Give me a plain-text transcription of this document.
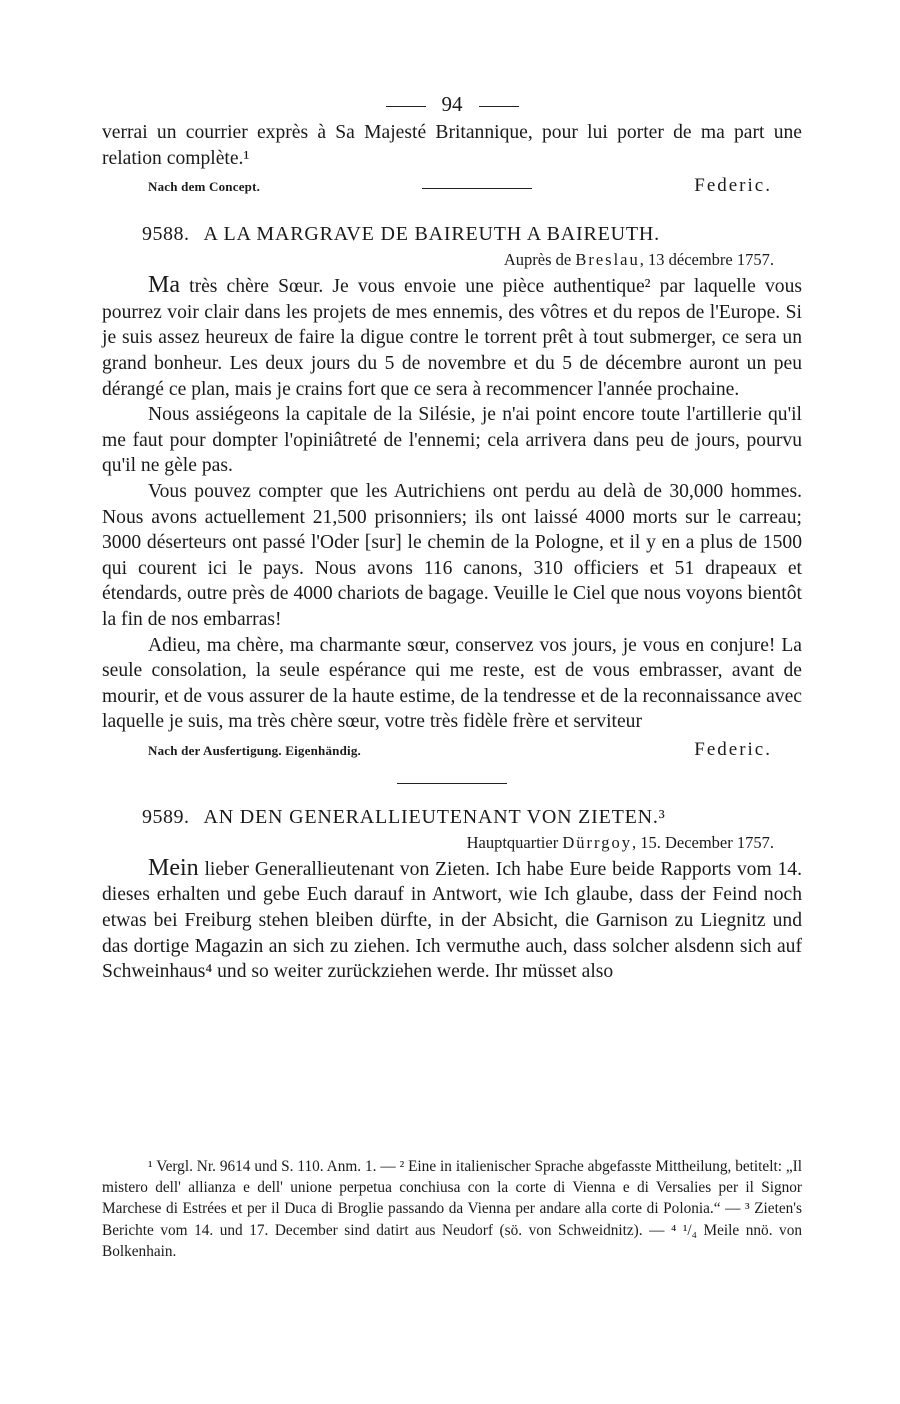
94

verrai un courrier exprès à Sa Majesté Britannique, pour lui porter de ma part une relation complète.¹

Nach dem Concept.	Federic.
9588. A LA MARGRAVE DE BAIREUTH A BAIREUTH.
Auprès de Breslau, 13 décembre 1757.

Ma très chère Sœur. Je vous envoie une pièce authentique² par laquelle vous pourrez voir clair dans les projets de mes ennemis, des vôtres et du repos de l'Europe. Si je suis assez heureux de faire la digue contre le torrent prêt à tout submerger, ce sera un grand bonheur. Les deux jours du 5 de novembre et du 5 de décembre auront un peu dérangé ce plan, mais je crains fort que ce sera à recommencer l'année prochaine.

Nous assiégeons la capitale de la Silésie, je n'ai point encore toute l'artillerie qu'il me faut pour dompter l'opiniâtreté de l'ennemi; cela arrivera dans peu de jours, pourvu qu'il ne gèle pas.

Vous pouvez compter que les Autrichiens ont perdu au delà de 30,000 hommes. Nous avons actuellement 21,500 prisonniers; ils ont laissé 4000 morts sur le carreau; 3000 déserteurs ont passé l'Oder [sur] le chemin de la Pologne, et il y en a plus de 1500 qui courent ici le pays. Nous avons 116 canons, 310 officiers et 51 drapeaux et étendards, outre près de 4000 chariots de bagage. Veuille le Ciel que nous voyons bientôt la fin de nos embarras!

Adieu, ma chère, ma charmante sœur, conservez vos jours, je vous en conjure! La seule consolation, la seule espérance qui me reste, est de vous embrasser, avant de mourir, et de vous assurer de la haute estime, de la tendresse et de la reconnaissance avec laquelle je suis, ma très chère sœur, votre très fidèle frère et serviteur

Nach der Ausfertigung. Eigenhändig.	Federic.
9589. AN DEN GENERALLIEUTENANT VON ZIETEN.³
Hauptquartier Dürrgoy, 15. December 1757.

Mein lieber Generallieutenant von Zieten. Ich habe Eure beide Rapports vom 14. dieses erhalten und gebe Euch darauf in Antwort, wie Ich glaube, dass der Feind noch etwas bei Freiburg stehen bleiben dürfte, in der Absicht, die Garnison zu Liegnitz und das dortige Magazin an sich zu ziehen. Ich vermuthe auch, dass solcher alsdenn sich auf Schweinhaus⁴ und so weiter zurückziehen werde. Ihr müsset also

¹ Vergl. Nr. 9614 und S. 110. Anm. 1. — ² Eine in italienischer Sprache abgefasste Mittheilung, betitelt: „Il mistero dell' allianza e dell' unione perpetua conchiusa con la corte di Vienna e di Versalies per il Signor Marchese di Estrées et per il Duca di Broglie passando da Vienna per andare alla corte di Polonia.“ — ³ Zieten's Berichte vom 14. und 17. December sind datirt aus Neudorf (sö. von Schweidnitz). — ⁴ ¹/₄ Meile nnö. von Bolkenhain.
